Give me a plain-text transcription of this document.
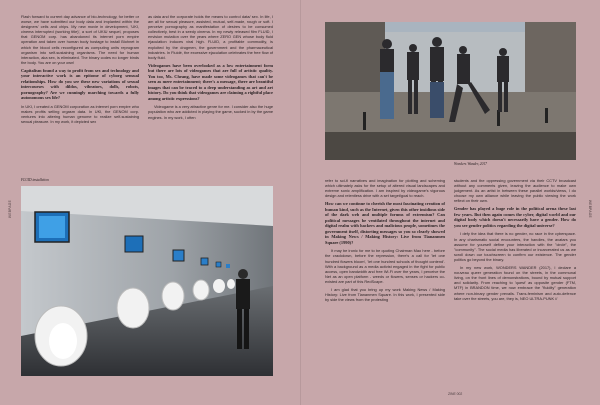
WEBPAGE	WEBPAGE

Flash forward to current day advance of bio-technology, for better or worse, we have submitted our body data and implanted within the designers' cells and chips. My new movie in development, 'UKI, cinema interrupted (working title)', a sort of UKIU sequel, proposes that GENOM corp. has abandoned its internet porn empire operation and taken over human body hostage to install Biohnet in which the blood cells reconfigured as computing units reprogram organism into self-sustaining organisms. The need for human interaction, aka sex, is eliminated. The binary codes no longer binds the body. You are on your own!

Capitalism found a way to profit from sex and technology and your interactive work is an epitome of cyborg sensual relationships. How do you see these new variations of sexual intercourses with dildos, vibrators, dolls, robots, pornography? Are we cunningly marching towards a fully autonomous sex life?

In UKI, I created a GENOM corporation as internet porn empire who makes profits selling orgasm data. In UKI, the GENOM corp. ventures into altering human genome to realize self-sustaining sexual pleasure. In my work, it depicted sex

as data and the corporate holds the means to control data/ sex. In life, I am all for sexual pleasure, assisted, mutual, self-made, rough or soft. I perceive pornography as manifestation of desires to be consumed collectively, best in a seedy cinema. In my newly released film FLUID, I envision mutation over the years where ZERO GEN whose body fluid ejaculation induces viral high. FLUID, a profitable commodity, is exploited by the drugmen, the government and the pharmaceutical industries. In Fluidé, the excessive ejaculation celebrates the free flow of body fluid.

Videogames have been overlooked as a low entertainment form but there are lots of videogames that are full of artistic quality. You too, Ms. Cheang, have made some videogames that can't be seen as mere entertainment; there's a message, there are beautiful images that can be traced to a deep understanding as art and art history. Do you think that videogames are claiming a rightful place among artistic expressions?

Videogame is a very attractive genre for me. I consider also the huge population who are addicted in playing the game, sucked in by the game engines. In my work, I often

FLUID installation
Wonders Wander, 2017

refer to sci-fi narratives and imagination for plotting and scheming which ultimately asks for the setup of altered visual landscapes and extreme sonic amplification. I am inspired by videogame's vigorous design and relentless drive with a set target/goal to reach.

How can we continue to cherish the most fascinating creation of human kind, such as the Internet, given this other insidious side of the dark web and multiple forums of extremism? Can political messages be ventilated throughout the internet and digital realm with hackers and malicious people, sometimes the government itself, distorting messages so you so clearly showed in Making News / Making History: Live from Tiananmen Square (1990)?

It may be ironic for me to be quoting Chairman Mao here - before the crackdown, before the repression, there's a call for 'let one hundred flowers bloom', 'let one hundred schools of thought contend'. With a background as a media activist engaged in the fight for public access, open bandwidth and free Wi-Fi over the years, I perceive the Net as an open platform - weeds or flowers, senses or hackers co-existed are part of this RedScape.

I am glad that you bring up my work Making News / Making History: Live from Tiananmen Square. In this work, I presented side by side the views from the protesting

students and the oppressing government via their CCTV broadcast without any comments given, leaving the audience to make own judgement. As an artist in between these parallel worlds/views, I do choose my own alliance while leaving the public viewing the work reflect on their own.

Gender has played a huge role in the political arena these last few years. But then again comes the cyber, digital world and our digital body which doesn't necessarily have a gender. How do you see gender politics regarding the digital universe?

I defy the idea that there is no gender, no race in the cyberspace. In any charismatic social encounters, the handles, the avatars you assume for yourself define your interaction with the "circle", the "community". The social media has liberated or incarcerated us as we scroll down our touchscreen to confirm our existence. The gender politics go beyond the binary.

In my new work, WONDERS WANDER (2017), I declare a nouveau queer generation found on the streets, in the communal living, on the front lines of demonstrations, bound by mutual support and solidarity. From reaching to 'quest' as opposite gender (FTM, MTF) in BRANDON time, we now embrace the "fluidity" generation where non-binary gender prevails. Trans-feminism and auto-defence take over the streets, you are, they is, NEO ULTRA-PUNK //

ZINE 002
